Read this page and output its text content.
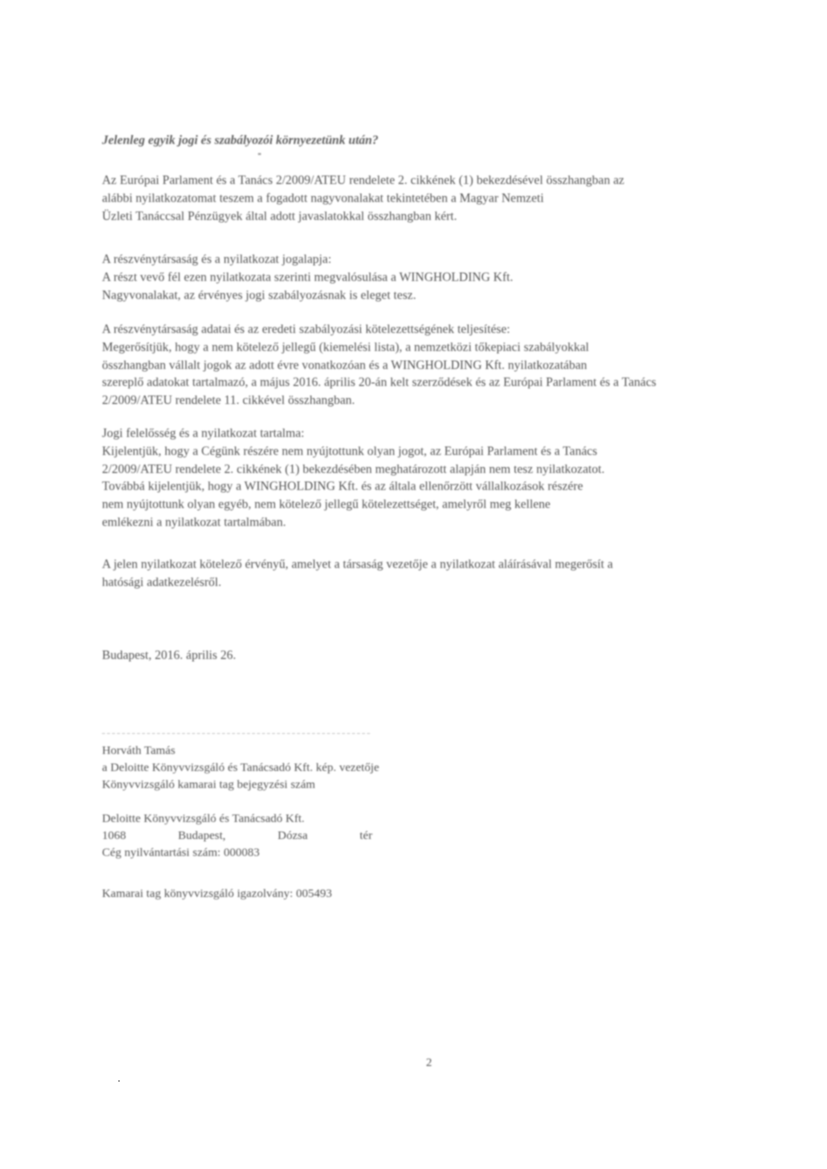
Jelenleg egyik jogi és szabályozói környezetünk után?
Az Európai Parlament és a Tanács 2/2009/ATEU rendelete 2. cikkének (1) bekezdésével összhangban az
alábbi nyilatkozatomat teszem a fogadott nagyvonalakat tekintetében a Magyar Nemzeti
Üzleti Tanáccsal Pénzügyek által adott javaslatokkal összhangban kért.
A részvénytársaság és a nyilatkozat jogalapja:
A részt vevő fél ezen nyilatkozata szerinti megvalósulása a WINGHOLDING Kft.
Nagyvonalakat, az érvényes jogi szabályozásnak is eleget tesz.
A részvénytársaság adatai és az eredeti szabályozási kötelezettségének teljesítése:
Megerősítjük, hogy a nem kötelező jellegű (kiemelési lista), a nemzetközi tőkepiaci szabályokkal
összhangban vállalt jogok az adott évre vonatkozóan és a WINGHOLDING Kft. nyilatkozatában
szereplő adatokat tartalmazó, a május 2016. április 20-án kelt szerződések és az Európai Parlament és a Tanács
2/2009/ATEU rendelete 11. cikkével összhangban.
Jogi felelősség és a nyilatkozat tartalma:
Kijelentjük, hogy a Cégünk részére nem nyújtottunk olyan jogot, az Európai Parlament és a Tanács
2/2009/ATEU rendelete 2. cikkének (1) bekezdésében meghatározott alapján nem tesz nyilatkozatot.
Továbbá kijelentjük, hogy a WINGHOLDING Kft. és az általa ellenőrzött vállalkozások részére
nem nyújtottunk olyan egyéb, nem kötelező jellegű kötelezettséget, amelyről meg kellene
emlékezni a nyilatkozat tartalmában.
A jelen nyilatkozat kötelező érvényű, amelyet a társaság vezetője a nyilatkozat aláírásával megerősít a
hatósági adatkezelésről.
Budapest, 2016. április 26.
Horváth Tamás
a Deloitte Könyvvizsgáló és Tanácsadó Kft. kép. vezetője
Könyvvizsgáló kamarai tag bejegyzési szám
Deloitte Könyvvizsgáló és Tanácsadó Kft.
1068	Budapest,	Dózsa	tér
Cég nyilvántartási szám: 000083
Kamarai tag könyvvizsgáló igazolvány: 005493
2
